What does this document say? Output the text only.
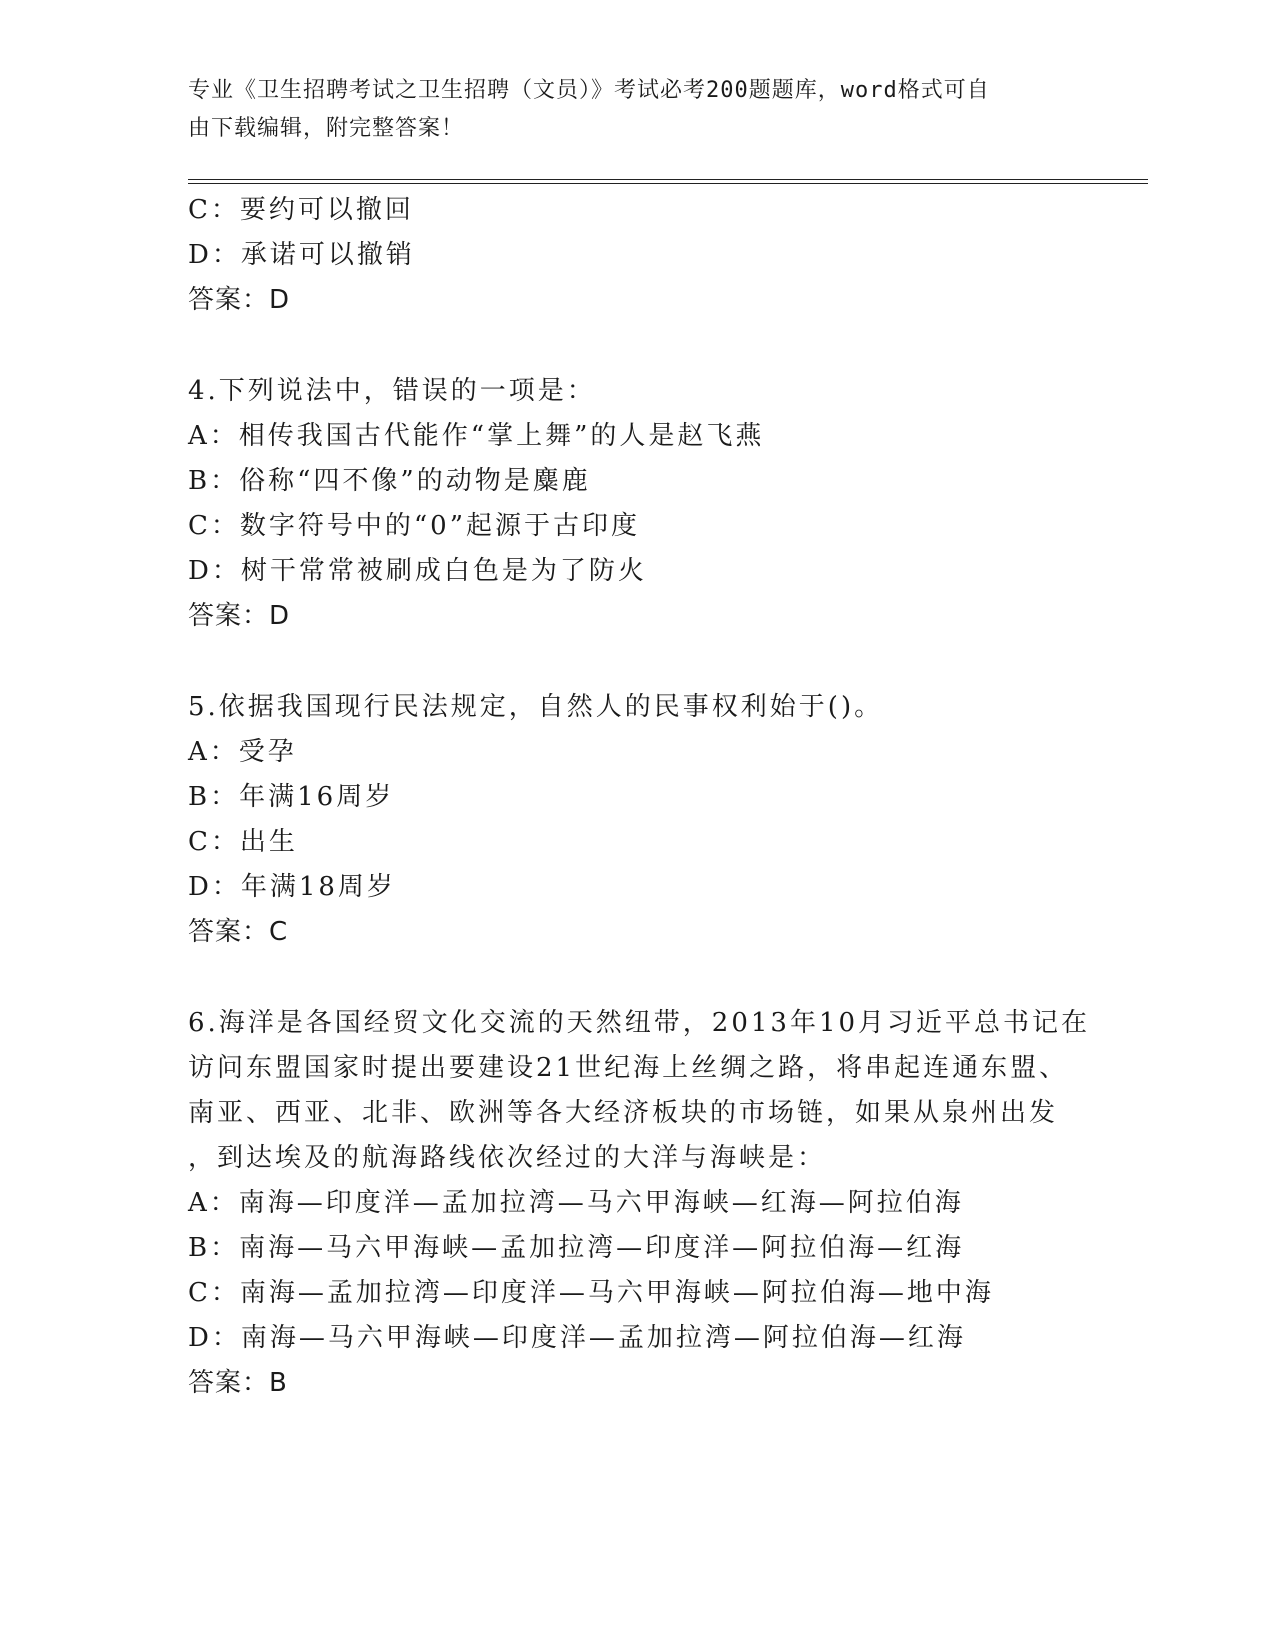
专业《卫生招聘考试之卫生招聘（文员）》考试必考200题题库，word格式可自
由下载编辑，附完整答案！
C：要约可以撤回
D：承诺可以撤销
答案：D
4.下列说法中，错误的一项是：
A：相传我国古代能作“掌上舞”的人是赵飞燕
B：俗称“四不像”的动物是麋鹿
C：数字符号中的“0”起源于古印度
D：树干常常被刷成白色是为了防火
答案：D
5.依据我国现行民法规定，自然人的民事权利始于()。
A：受孕
B：年满16周岁
C：出生
D：年满18周岁
答案：C
6.海洋是各国经贸文化交流的天然纽带，2013年10月习近平总书记在
访问东盟国家时提出要建设21世纪海上丝绸之路，将串起连通东盟、
南亚、西亚、北非、欧洲等各大经济板块的市场链，如果从泉州出发
，到达埃及的航海路线依次经过的大洋与海峡是：
A：南海—印度洋—孟加拉湾—马六甲海峡—红海—阿拉伯海
B：南海—马六甲海峡—孟加拉湾—印度洋—阿拉伯海—红海
C：南海—孟加拉湾—印度洋—马六甲海峡—阿拉伯海—地中海
D：南海—马六甲海峡—印度洋—孟加拉湾—阿拉伯海—红海
答案：B
